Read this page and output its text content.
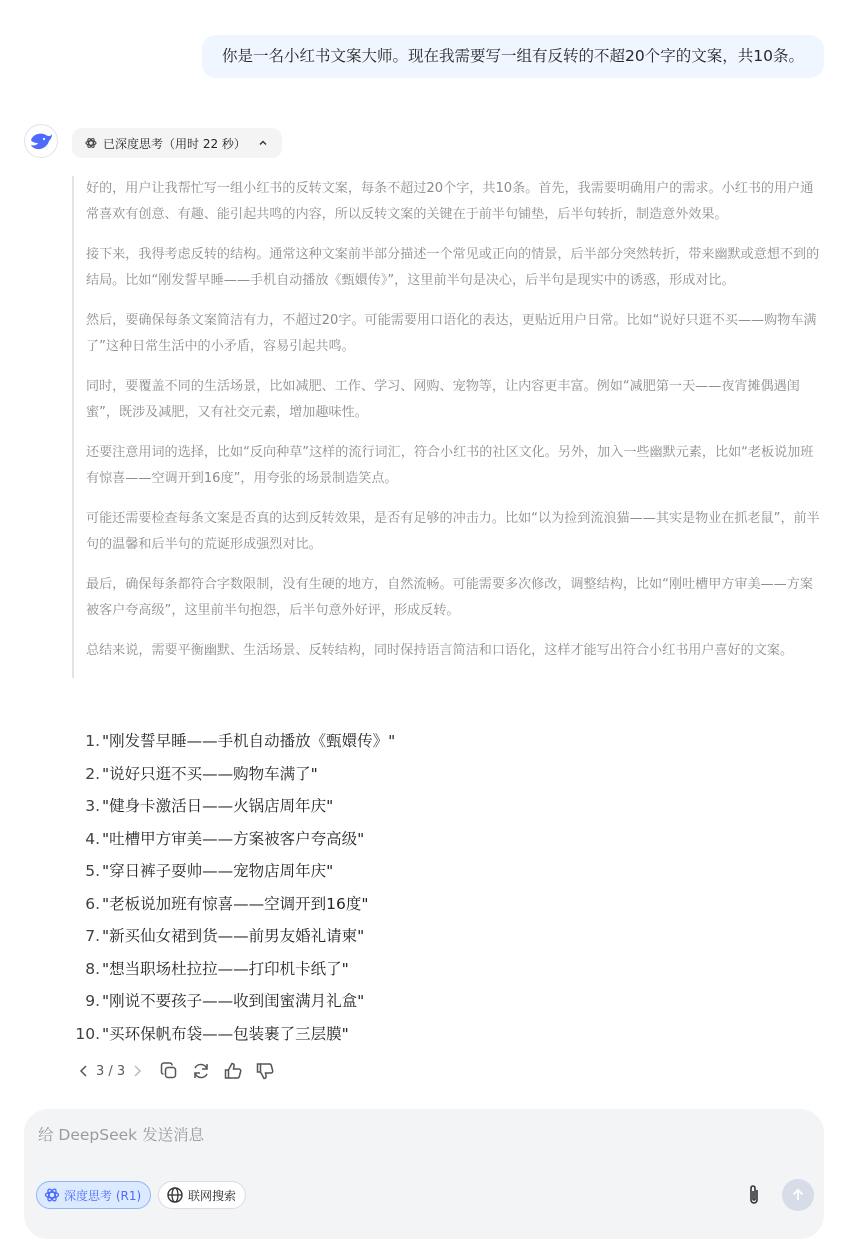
你是一名小红书文案大师。现在我需要写一组有反转的不超20个字的文案，共10条。
已深度思考（用时 22 秒）

好的，用户让我帮忙写一组小红书的反转文案，每条不超过20个字，共10条。首先，我需要明确用户的需求。小红书的用户通常喜欢有创意、有趣、能引起共鸣的内容，所以反转文案的关键在于前半句铺垫，后半句转折，制造意外效果。

接下来，我得考虑反转的结构。通常这种文案前半部分描述一个常见或正向的情景，后半部分突然转折，带来幽默或意想不到的结局。比如“刚发誓早睡——手机自动播放《甄嬛传》”，这里前半句是决心，后半句是现实中的诱惑，形成对比。

然后，要确保每条文案简洁有力，不超过20字。可能需要用口语化的表达，更贴近用户日常。比如“说好只逛不买——购物车满了”这种日常生活中的小矛盾，容易引起共鸣。

同时，要覆盖不同的生活场景，比如减肥、工作、学习、网购、宠物等，让内容更丰富。例如“减肥第一天——夜宵摊偶遇闺蜜”，既涉及减肥，又有社交元素，增加趣味性。

还要注意用词的选择，比如“反向种草”这样的流行词汇，符合小红书的社区文化。另外，加入一些幽默元素，比如“老板说加班有惊喜——空调开到16度”，用夸张的场景制造笑点。

可能还需要检查每条文案是否真的达到反转效果，是否有足够的冲击力。比如“以为捡到流浪猫——其实是物业在抓老鼠”，前半句的温馨和后半句的荒诞形成强烈对比。

最后，确保每条都符合字数限制，没有生硬的地方，自然流畅。可能需要多次修改，调整结构，比如“刚吐槽甲方审美——方案被客户夸高级”，这里前半句抱怨，后半句意外好评，形成反转。

总结来说，需要平衡幽默、生活场景、反转结构，同时保持语言简洁和口语化，这样才能写出符合小红书用户喜好的文案。

1. "刚发誓早睡——手机自动播放《甄嬛传》"
2. "说好只逛不买——购物车满了"
3. "健身卡激活日——火锅店周年庆"
4. "吐槽甲方审美——方案被客户夸高级"
5. "穿日裤子耍帅——宠物店周年庆"
6. "老板说加班有惊喜——空调开到16度"
7. "新买仙女裙到货——前男友婚礼请柬"
8. "想当职场杜拉拉——打印机卡纸了"
9. "刚说不要孩子——收到闺蜜满月礼盒"
10. "买环保帆布袋——包装裹了三层膜"
3 / 3
给 DeepSeek 发送消息
深度思考 (R1)	联网搜索
